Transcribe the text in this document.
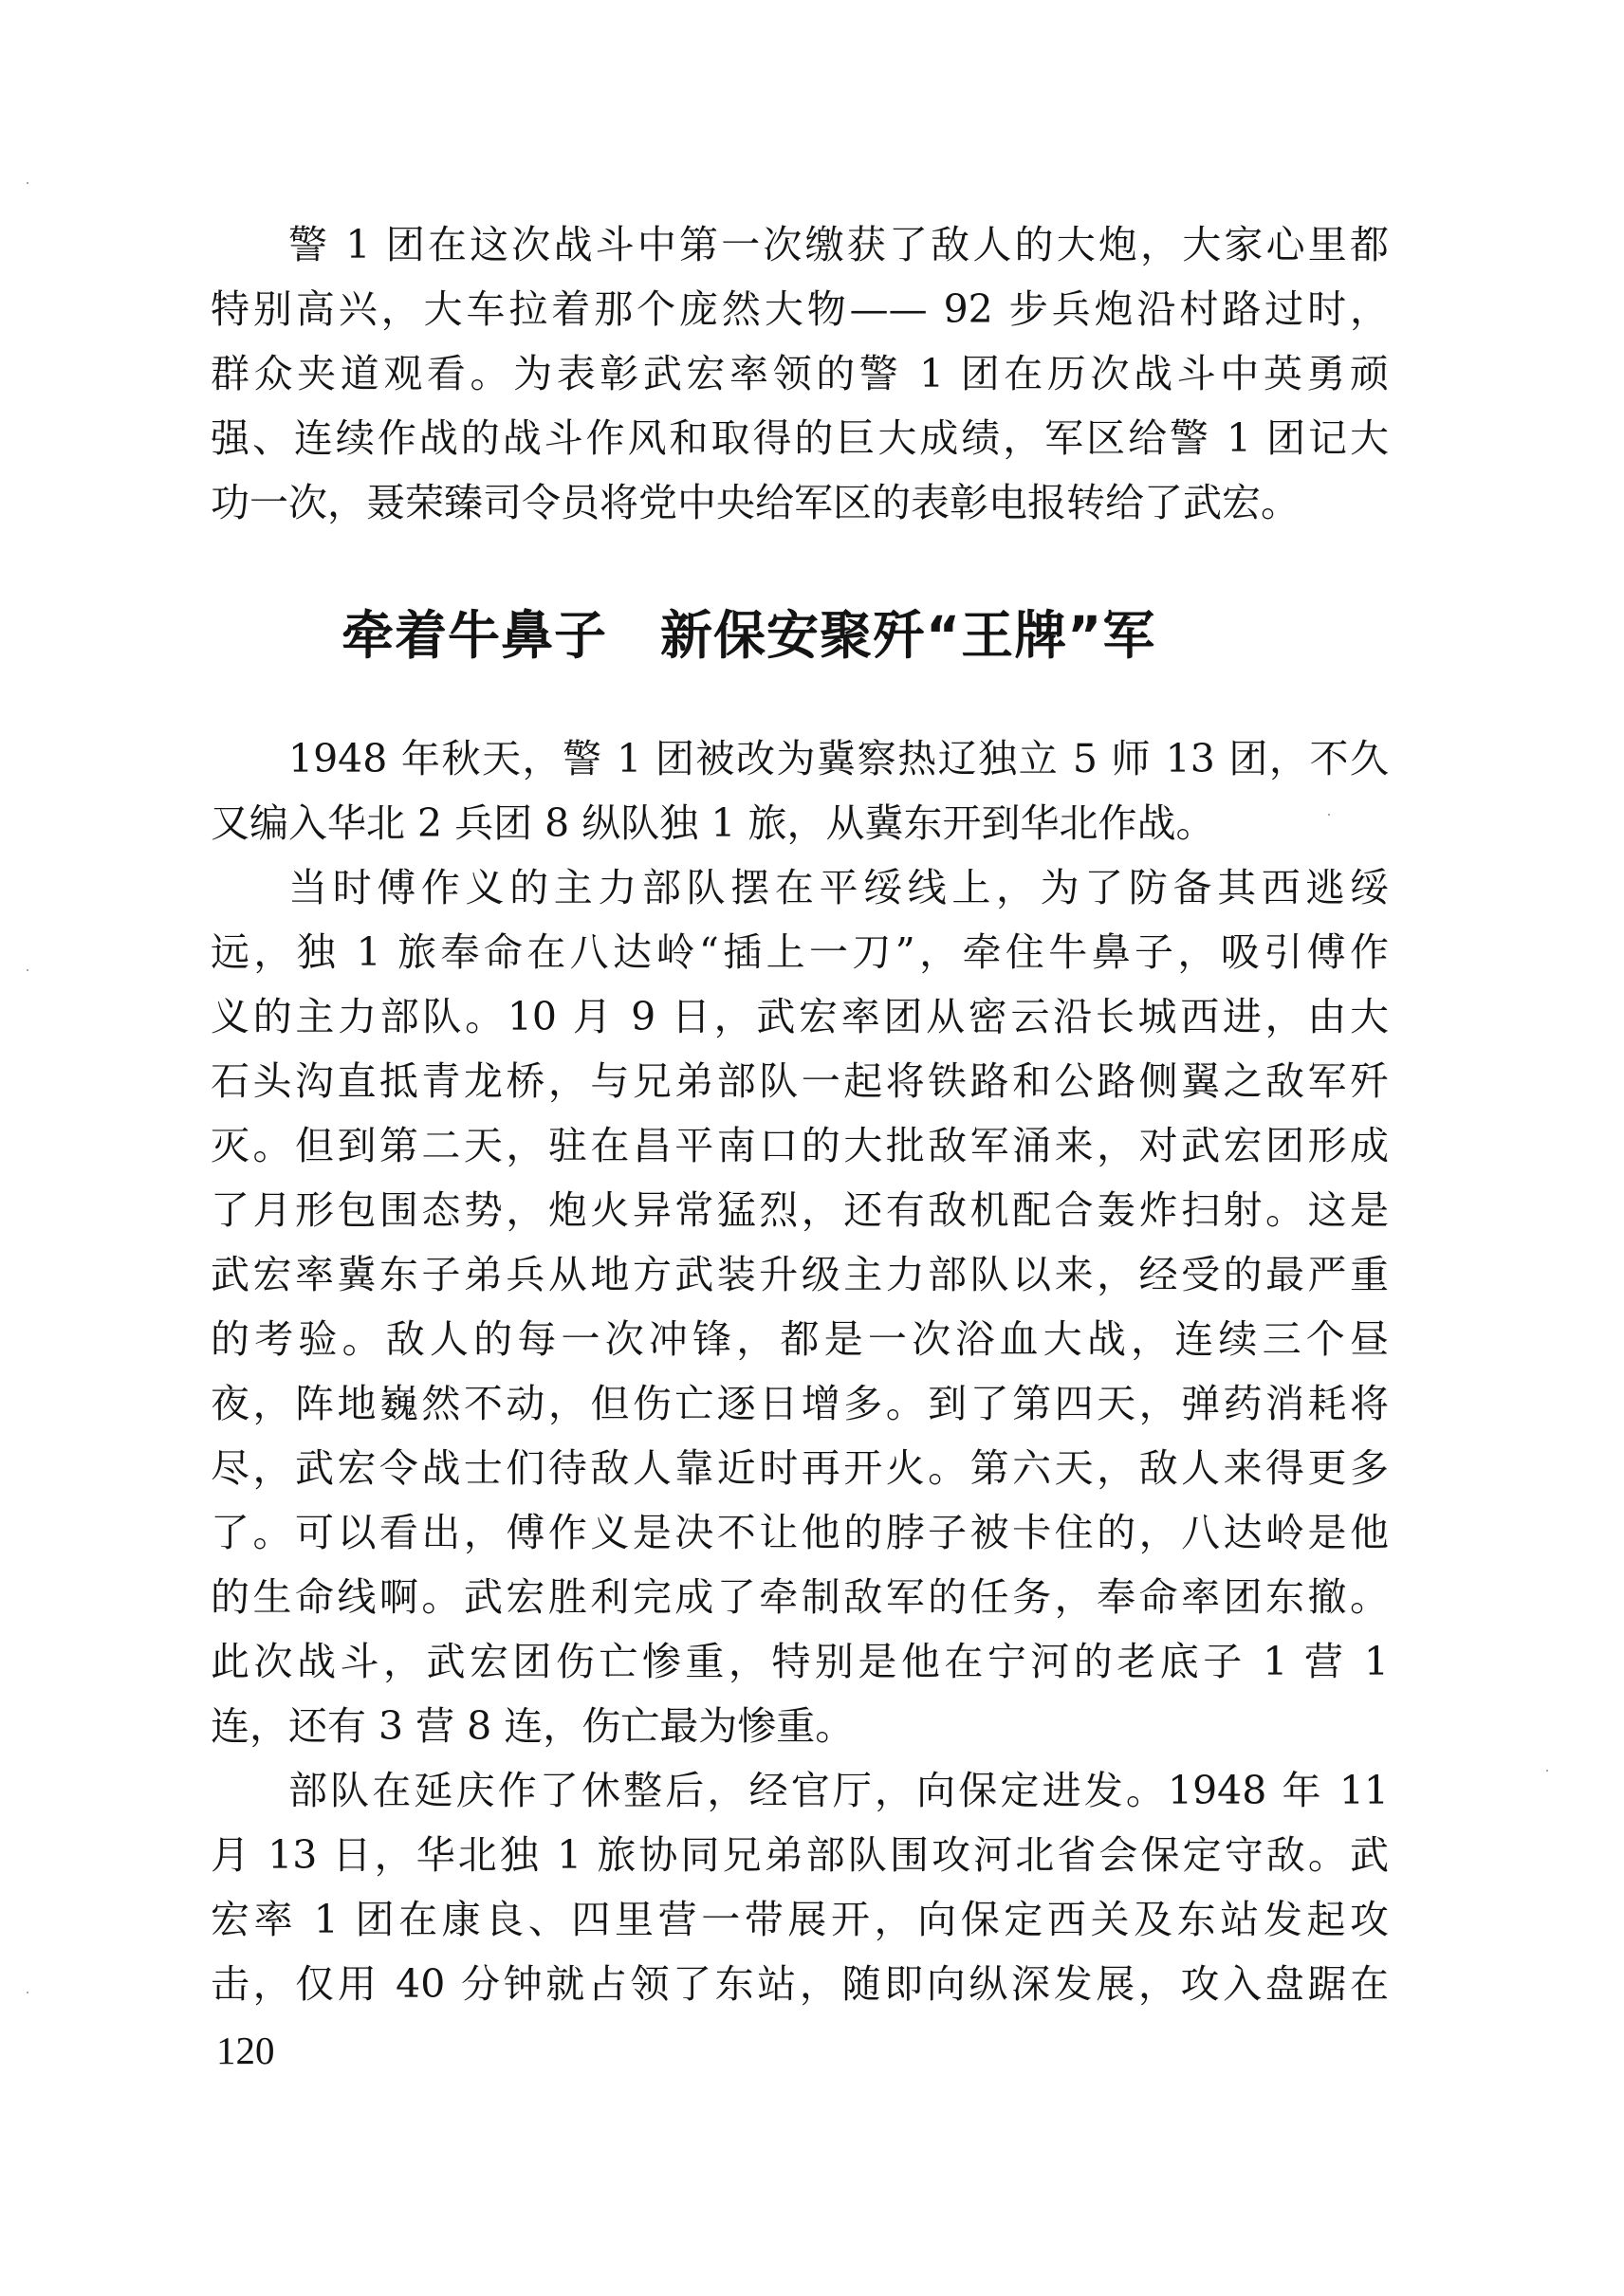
警 1 团在这次战斗中第一次缴获了敌人的大炮，大家心里都
特别高兴，大车拉着那个庞然大物—— 92 步兵炮沿村路过时，
群众夹道观看。为表彰武宏率领的警 1 团在历次战斗中英勇顽
强、连续作战的战斗作风和取得的巨大成绩，军区给警 1 团记大
功一次，聂荣臻司令员将党中央给军区的表彰电报转给了武宏。
牵着牛鼻子　新保安聚歼“王牌”军
1948 年秋天，警 1 团被改为冀察热辽独立 5 师 13 团，不久
又编入华北 2 兵团 8 纵队独 1 旅，从冀东开到华北作战。
当时傅作义的主力部队摆在平绥线上，为了防备其西逃绥
远，独 1 旅奉命在八达岭“插上一刀”，牵住牛鼻子，吸引傅作
义的主力部队。10 月 9 日，武宏率团从密云沿长城西进，由大
石头沟直抵青龙桥，与兄弟部队一起将铁路和公路侧翼之敌军歼
灭。但到第二天，驻在昌平南口的大批敌军涌来，对武宏团形成
了月形包围态势，炮火异常猛烈，还有敌机配合轰炸扫射。这是
武宏率冀东子弟兵从地方武装升级主力部队以来，经受的最严重
的考验。敌人的每一次冲锋，都是一次浴血大战，连续三个昼
夜，阵地巍然不动，但伤亡逐日增多。到了第四天，弹药消耗将
尽，武宏令战士们待敌人靠近时再开火。第六天，敌人来得更多
了。可以看出，傅作义是决不让他的脖子被卡住的，八达岭是他
的生命线啊。武宏胜利完成了牵制敌军的任务，奉命率团东撤。
此次战斗，武宏团伤亡惨重，特别是他在宁河的老底子 1 营 1
连，还有 3 营 8 连，伤亡最为惨重。
部队在延庆作了休整后，经官厅，向保定进发。1948 年 11
月 13 日，华北独 1 旅协同兄弟部队围攻河北省会保定守敌。武
宏率 1 团在康良、四里营一带展开，向保定西关及东站发起攻
击，仅用 40 分钟就占领了东站，随即向纵深发展，攻入盘踞在
120
